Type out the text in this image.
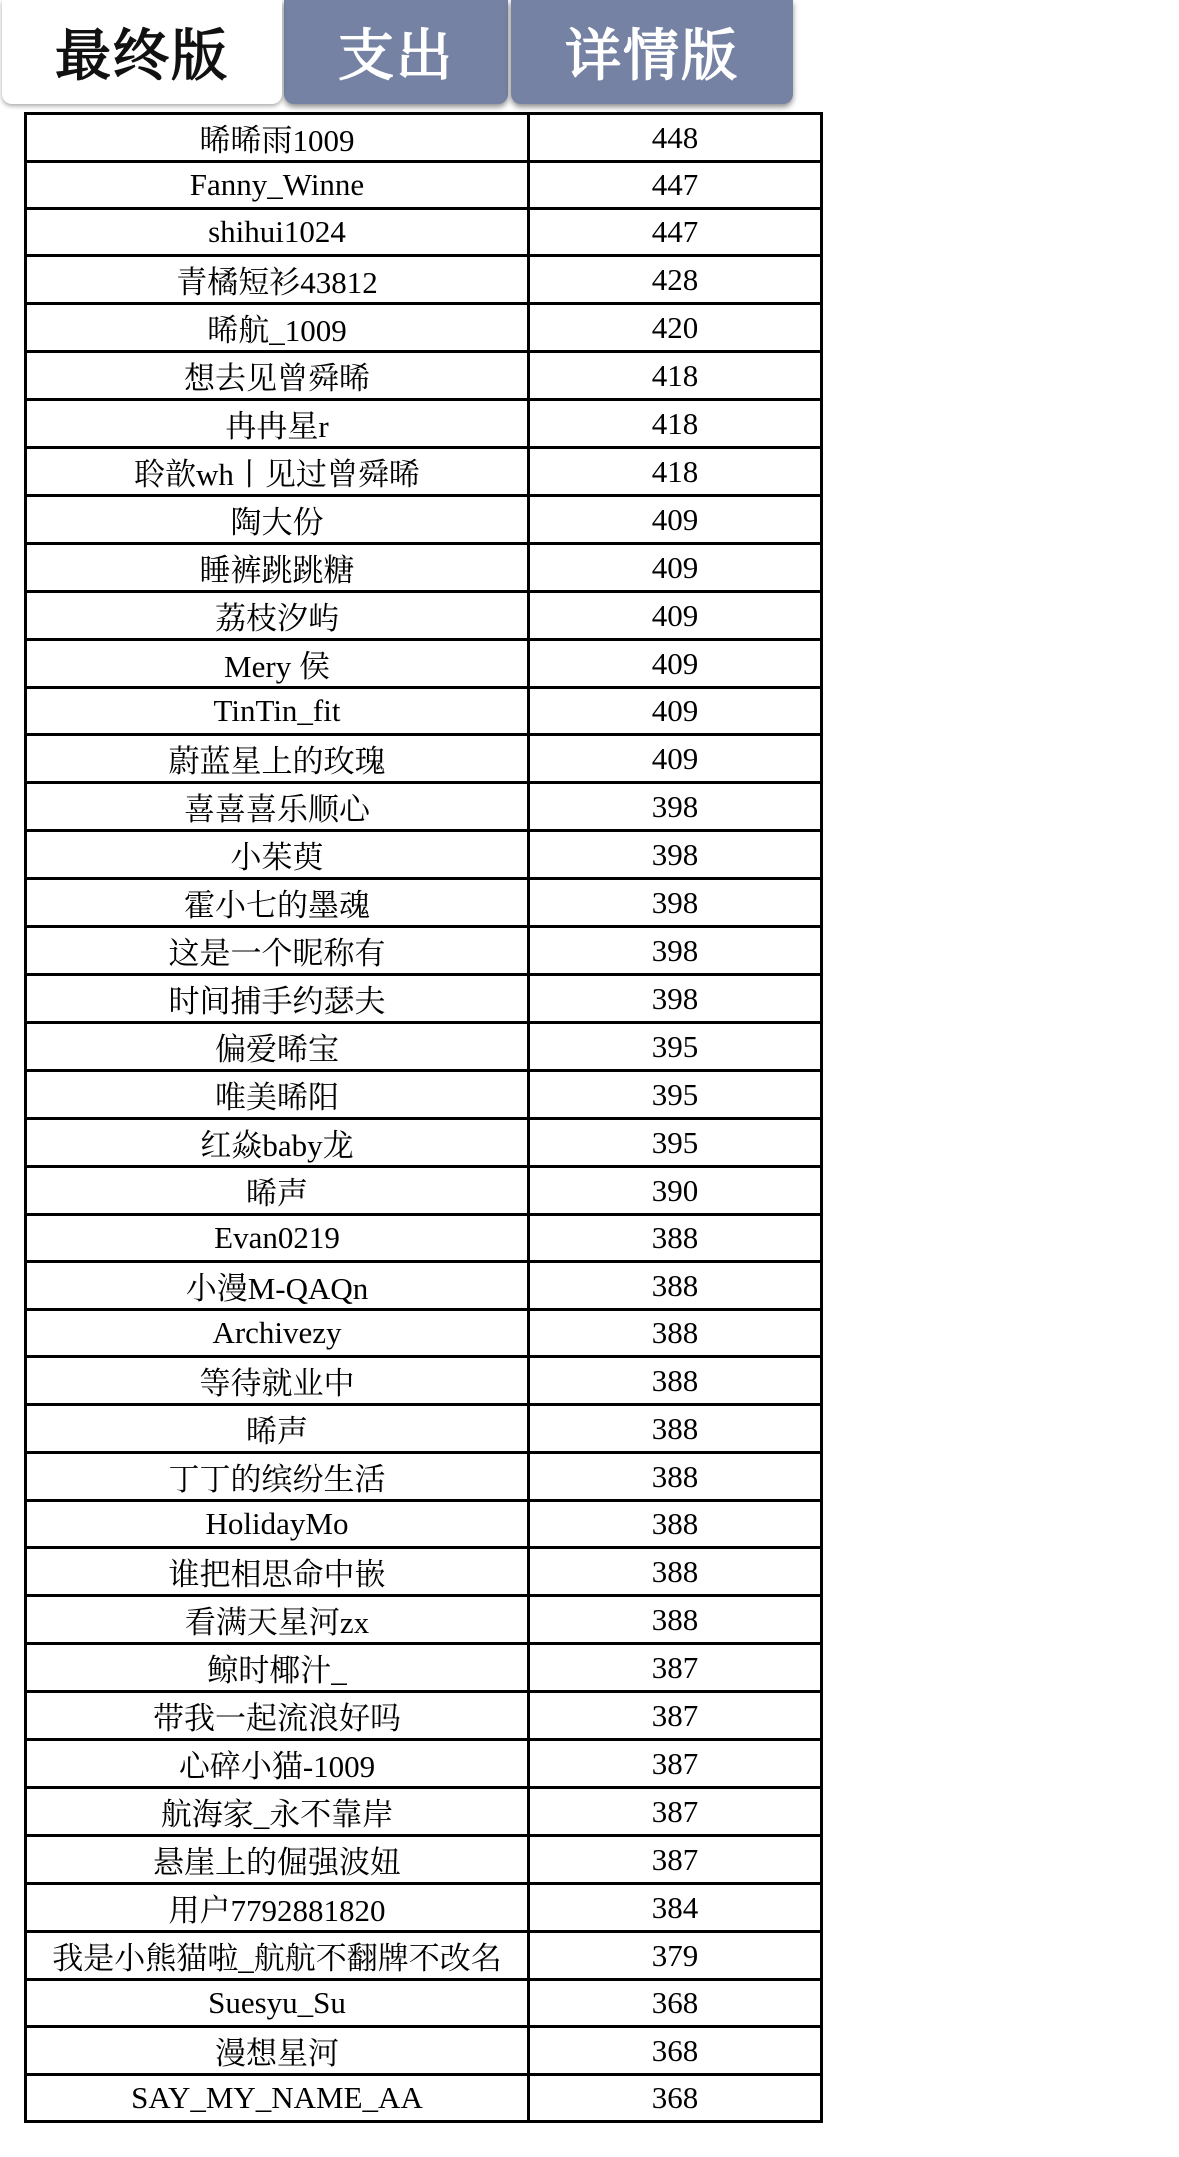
最终版	支出	详情版
晞晞雨1009	448
Fanny_Winne	447
shihui1024	447
青橘短衫43812	428
晞航_1009	420
想去见曾舜晞	418
冉冉星r	418
聆歆wh丨见过曾舜晞	418
陶大份	409
睡裤跳跳糖	409
荔枝汐屿	409
Mery 侯	409
TinTin_fit	409
蔚蓝星上的玫瑰	409
喜喜喜乐顺心	398
小茱萸	398
霍小七的墨魂	398
这是一个昵称有	398
时间捕手约瑟夫	398
偏爱晞宝	395
唯美晞阳	395
红焱baby龙	395
晞声	390
Evan0219	388
小漫M-QAQn	388
Archivezy	388
等待就业中	388
晞声	388
丁丁的缤纷生活	388
HolidayMo	388
谁把相思命中嵌	388
看满天星河zx	388
鲸时椰汁_	387
带我一起流浪好吗	387
心碎小猫-1009	387
航海家_永不靠岸	387
悬崖上的倔强波妞	387
用户7792881820	384
我是小熊猫啦_航航不翻牌不改名	379
Suesyu_Su	368
漫想星河	368
SAY_MY_NAME_AA	368
